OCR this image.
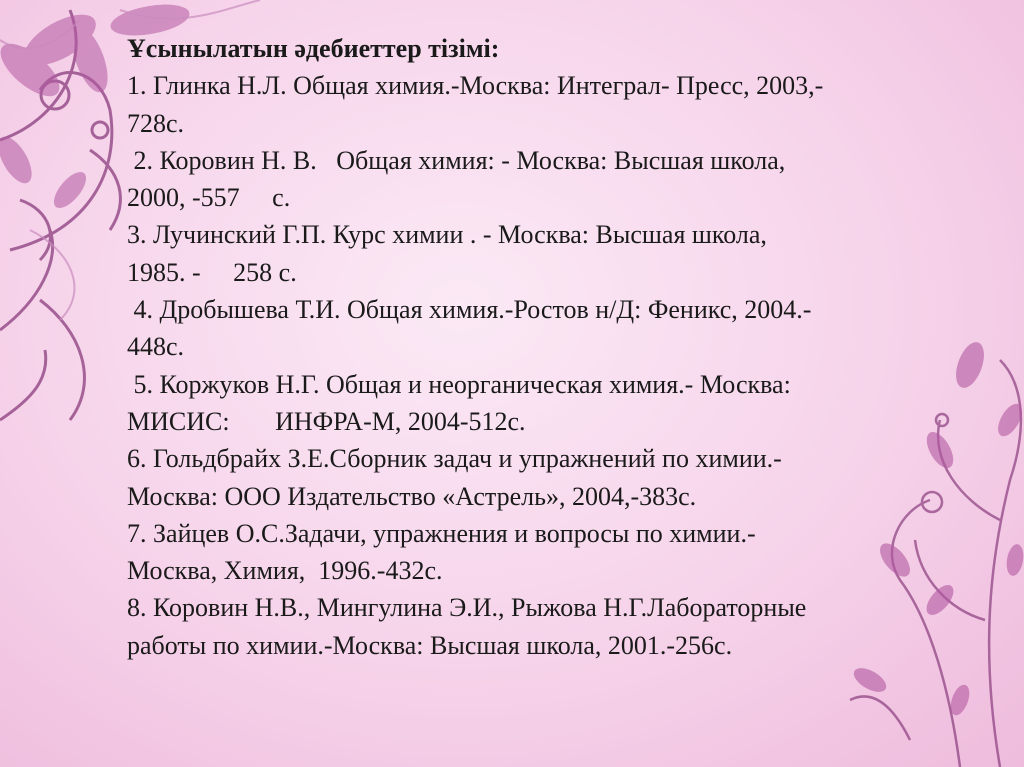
Ұсынылатын әдебиеттер тізімі:

1. Глинка Н.Л. Общая химия.-Москва: Интеграл- Пресс, 2003,-

728с.

2. Коровин Н. В.   Общая химия: - Москва: Высшая школа,

2000, -557     с.

3. Лучинский Г.П. Курс химии . - Москва: Высшая школа,

1985. -     258 с.

4. Дробышева Т.И. Общая химия.-Ростов н/Д: Феникс, 2004.-

448с.

5. Коржуков Н.Г. Общая и неорганическая химия.- Москва:

МИСИС:       ИНФРА-М, 2004-512с.

6. Гольдбрайх З.Е.Сборник задач и упражнений по химии.-

Москва: ООО Издательство «Астрель», 2004,-383с.

7. Зайцев О.С.Задачи, упражнения и вопросы по химии.-

Москва, Химия,  1996.-432с.

8. Коровин Н.В., Мингулина Э.И., Рыжова Н.Г.Лабораторные

работы по химии.-Москва: Высшая школа, 2001.-256с.
